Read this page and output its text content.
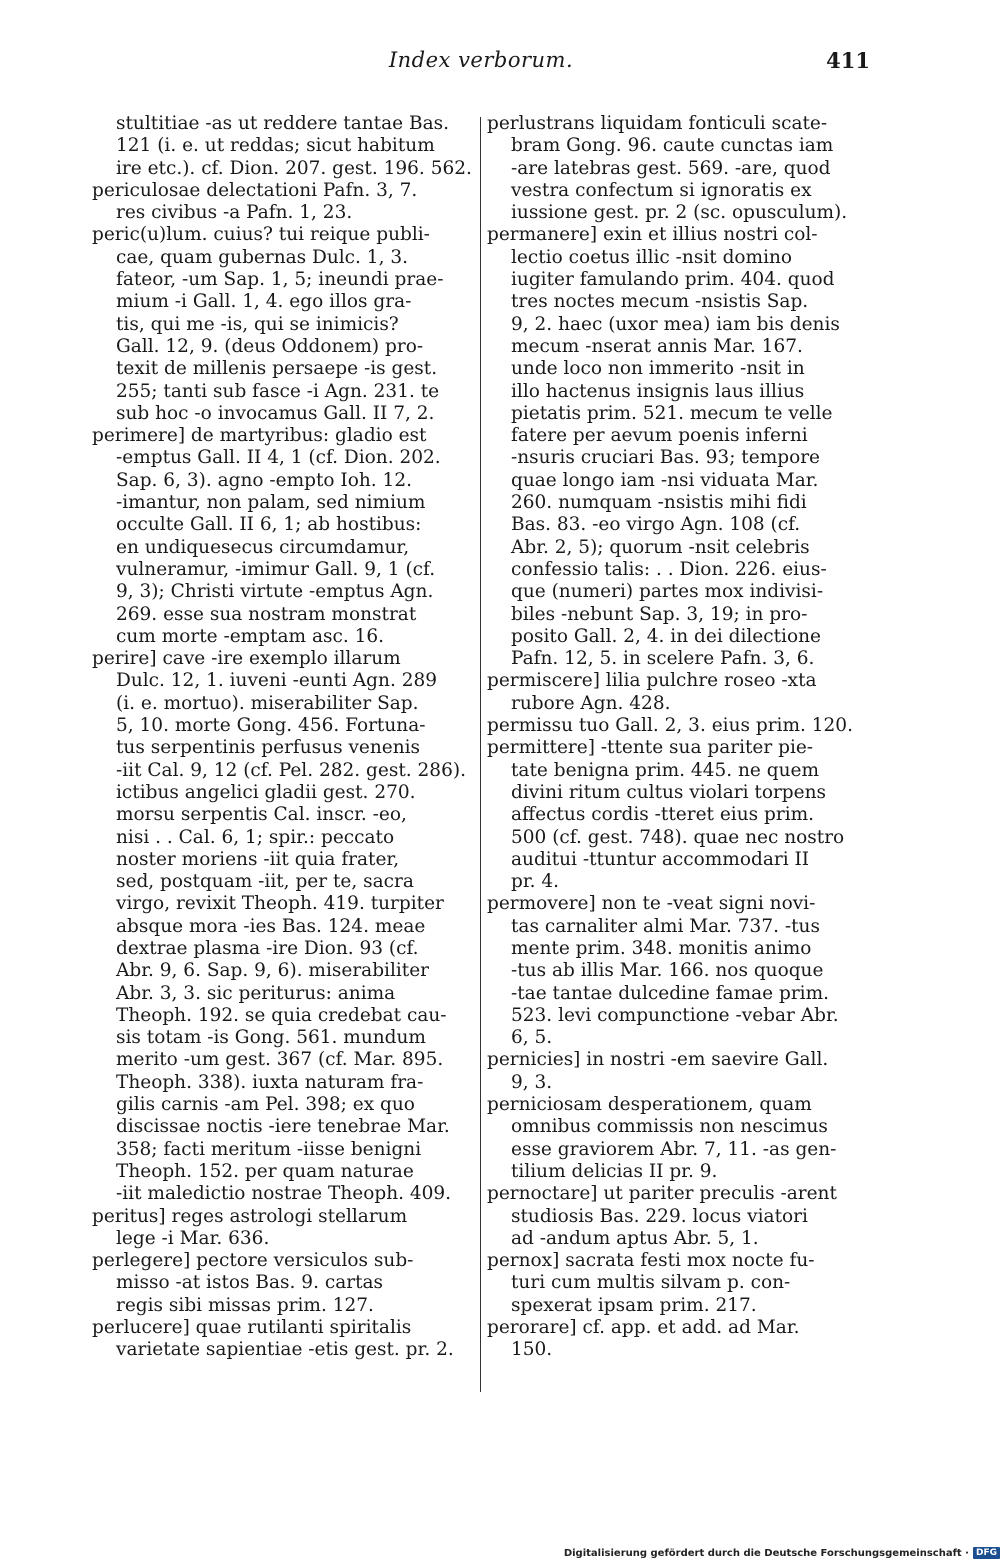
Index verborum.	411
stultitiae -as ut reddere tantae Bas.
121 (i. e. ut reddas; sicut habitum
ire etc.). cf. Dion. 207. gest. 196. 562.
periculosae delectationi Pafn. 3, 7.
res civibus -a Pafn. 1, 23.
peric(u)lum. cuius? tui reique publi-
cae, quam gubernas Dulc. 1, 3.
fateor, -um Sap. 1, 5; ineundi prae-
mium -i Gall. 1, 4. ego illos gra-
tis, qui me -is, qui se inimicis?
Gall. 12, 9. (deus Oddonem) pro-
texit de millenis persaepe -is gest.
255; tanti sub fasce -i Agn. 231. te
sub hoc -o invocamus Gall. II 7, 2.
perimere] de martyribus: gladio est
-emptus Gall. II 4, 1 (cf. Dion. 202.
Sap. 6, 3). agno -empto Ioh. 12.
-imantur, non palam, sed nimium
occulte Gall. II 6, 1; ab hostibus:
en undiquesecus circumdamur,
vulneramur, -imimur Gall. 9, 1 (cf.
9, 3); Christi virtute -emptus Agn.
269. esse sua nostram monstrat
cum morte -emptam asc. 16.
perire] cave -ire exemplo illarum
Dulc. 12, 1. iuveni -eunti Agn. 289
(i. e. mortuo). miserabiliter Sap.
5, 10. morte Gong. 456. Fortuna-
tus serpentinis perfusus venenis
-iit Cal. 9, 12 (cf. Pel. 282. gest. 286).
ictibus angelici gladii gest. 270.
morsu serpentis Cal. inscr. -eo,
nisi . . Cal. 6, 1; spir.: peccato
noster moriens -iit quia frater,
sed, postquam -iit, per te, sacra
virgo, revixit Theoph. 419. turpiter
absque mora -ies Bas. 124. meae
dextrae plasma -ire Dion. 93 (cf.
Abr. 9, 6. Sap. 9, 6). miserabiliter
Abr. 3, 3. sic periturus: anima
Theoph. 192. se quia credebat cau-
sis totam -is Gong. 561. mundum
merito -um gest. 367 (cf. Mar. 895.
Theoph. 338). iuxta naturam fra-
gilis carnis -am Pel. 398; ex quo
discissae noctis -iere tenebrae Mar.
358; facti meritum -iisse benigni
Theoph. 152. per quam naturae
-iit maledictio nostrae Theoph. 409.
peritus] reges astrologi stellarum
lege -i Mar. 636.
perlegere] pectore versiculos sub-
misso -at istos Bas. 9. cartas
regis sibi missas prim. 127.
perlucere] quae rutilanti spiritalis
varietate sapientiae -etis gest. pr. 2.
perlustrans liquidam fonticuli scate-
bram Gong. 96. caute cunctas iam
-are latebras gest. 569. -are, quod
vestra confectum si ignoratis ex
iussione gest. pr. 2 (sc. opusculum).
permanere] exin et illius nostri col-
lectio coetus illic -nsit domino
iugiter famulando prim. 404. quod
tres noctes mecum -nsistis Sap.
9, 2. haec (uxor mea) iam bis denis
mecum -nserat annis Mar. 167.
unde loco non immerito -nsit in
illo hactenus insignis laus illius
pietatis prim. 521. mecum te velle
fatere per aevum poenis inferni
-nsuris cruciari Bas. 93; tempore
quae longo iam -nsi viduata Mar.
260. numquam -nsistis mihi fidi
Bas. 83. -eo virgo Agn. 108 (cf.
Abr. 2, 5); quorum -nsit celebris
confessio talis: . . Dion. 226. eius-
que (numeri) partes mox indivisi-
biles -nebunt Sap. 3, 19; in pro-
posito Gall. 2, 4. in dei dilectione
Pafn. 12, 5. in scelere Pafn. 3, 6.
permiscere] lilia pulchre roseo -xta
rubore Agn. 428.
permissu tuo Gall. 2, 3. eius prim. 120.
permittere] -ttente sua pariter pie-
tate benigna prim. 445. ne quem
divini ritum cultus violari torpens
affectus cordis -tteret eius prim.
500 (cf. gest. 748). quae nec nostro
auditui -ttuntur accommodari II
pr. 4.
permovere] non te -veat signi novi-
tas carnaliter almi Mar. 737. -tus
mente prim. 348. monitis animo
-tus ab illis Mar. 166. nos quoque
-tae tantae dulcedine famae prim.
523. levi compunctione -vebar Abr.
6, 5.
pernicies] in nostri -em saevire Gall.
9, 3.
perniciosam desperationem, quam
omnibus commissis non nescimus
esse graviorem Abr. 7, 11. -as gen-
tilium delicias II pr. 9.
pernoctare] ut pariter preculis -arent
studiosis Bas. 229. locus viatori
ad -andum aptus Abr. 5, 1.
pernox] sacrata festi mox nocte fu-
turi cum multis silvam p. con-
spexerat ipsam prim. 217.
perorare] cf. app. et add. ad Mar.
150.
Digitalisierung gefördert durch die Deutsche Forschungsgemeinschaft · DFG
